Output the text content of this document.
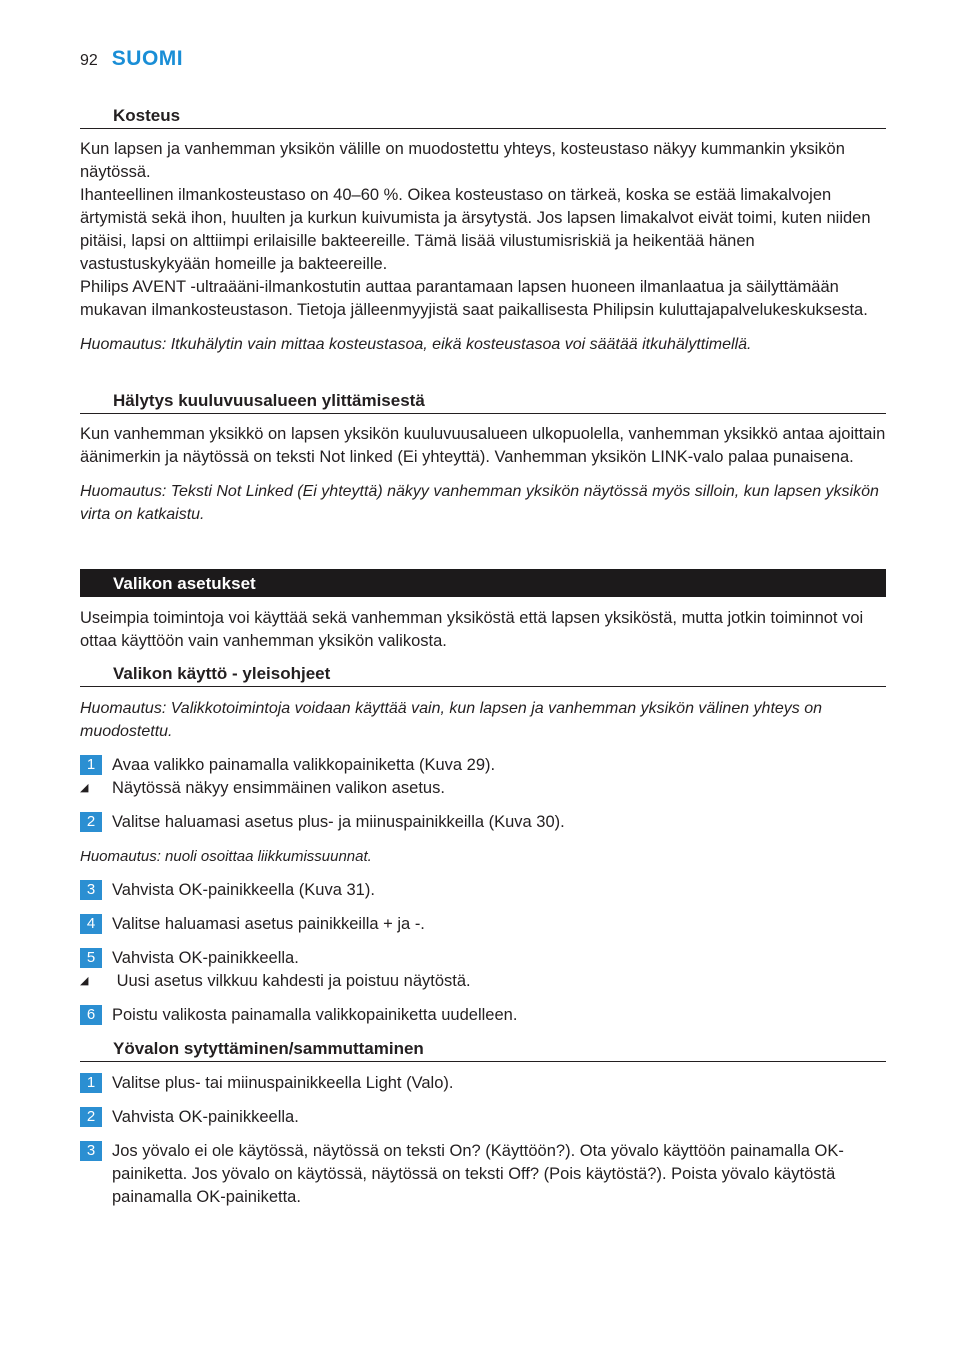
92 SUOMI
Kosteus

Kun lapsen ja vanhemman yksikön välille on muodostettu yhteys, kosteustaso näkyy kummankin yksikön näytössä.

Ihanteellinen ilmankosteustaso on 40–60 %. Oikea kosteustaso on tärkeä, koska se estää limakalvojen ärtymistä sekä ihon, huulten ja kurkun kuivumista ja ärsytystä. Jos lapsen limakalvot eivät toimi, kuten niiden pitäisi, lapsi on alttiimpi erilaisille bakteereille. Tämä lisää vilustumisriskiä ja heikentää hänen vastustuskykyään homeille ja bakteereille.

Philips AVENT -ultraääni-ilmankostutin auttaa parantamaan lapsen huoneen ilmanlaatua ja säilyttämään mukavan ilmankosteustason. Tietoja jälleenmyyjistä saat paikallisesta Philipsin kuluttajapalvelukeskuksesta.

Huomautus: Itkuhälytin vain mittaa kosteustasoa, eikä kosteustasoa voi säätää itkuhälyttimellä.

Hälytys kuuluvuusalueen ylittämisestä

Kun vanhemman yksikkö on lapsen yksikön kuuluvuusalueen ulkopuolella, vanhemman yksikkö antaa ajoittain äänimerkin ja näytössä on teksti Not linked (Ei yhteyttä). Vanhemman yksikön LINK-valo palaa punaisena.

Huomautus: Teksti Not Linked (Ei yhteyttä) näkyy vanhemman yksikön näytössä myös silloin, kun lapsen yksikön virta on katkaistu.

Valikon asetukset

Useimpia toimintoja voi käyttää sekä vanhemman yksiköstä että lapsen yksiköstä, mutta jotkin toiminnot voi ottaa käyttöön vain vanhemman yksikön valikosta.

Valikon käyttö - yleisohjeet

Huomautus: Valikkotoimintoja voidaan käyttää vain, kun lapsen ja vanhemman yksikön välinen yhteys on muodostettu.

1	Avaa valikko painamalla valikkopainiketta (Kuva 29).
◢	Näytössä näkyy ensimmäinen valikon asetus.
2	Valitse haluamasi asetus plus- ja miinuspainikkeilla (Kuva 30).

Huomautus: nuoli osoittaa liikkumissuunnat.

3	Vahvista OK-painikkeella (Kuva 31).
4	Valitse haluamasi asetus painikkeilla + ja -.
5	Vahvista OK-painikkeella.
◢	Uusi asetus vilkkuu kahdesti ja poistuu näytöstä.
6	Poistu valikosta painamalla valikkopainiketta uudelleen.
Yövalon sytyttäminen/sammuttaminen
1	Valitse plus- tai miinuspainikkeella Light (Valo).
2	Vahvista OK-painikkeella.
3	Jos yövalo ei ole käytössä, näytössä on teksti On? (Käyttöön?). Ota yövalo käyttöön painamalla OK-painiketta. Jos yövalo on käytössä, näytössä on teksti Off? (Pois käytöstä?). Poista yövalo käytöstä painamalla OK-painiketta.
